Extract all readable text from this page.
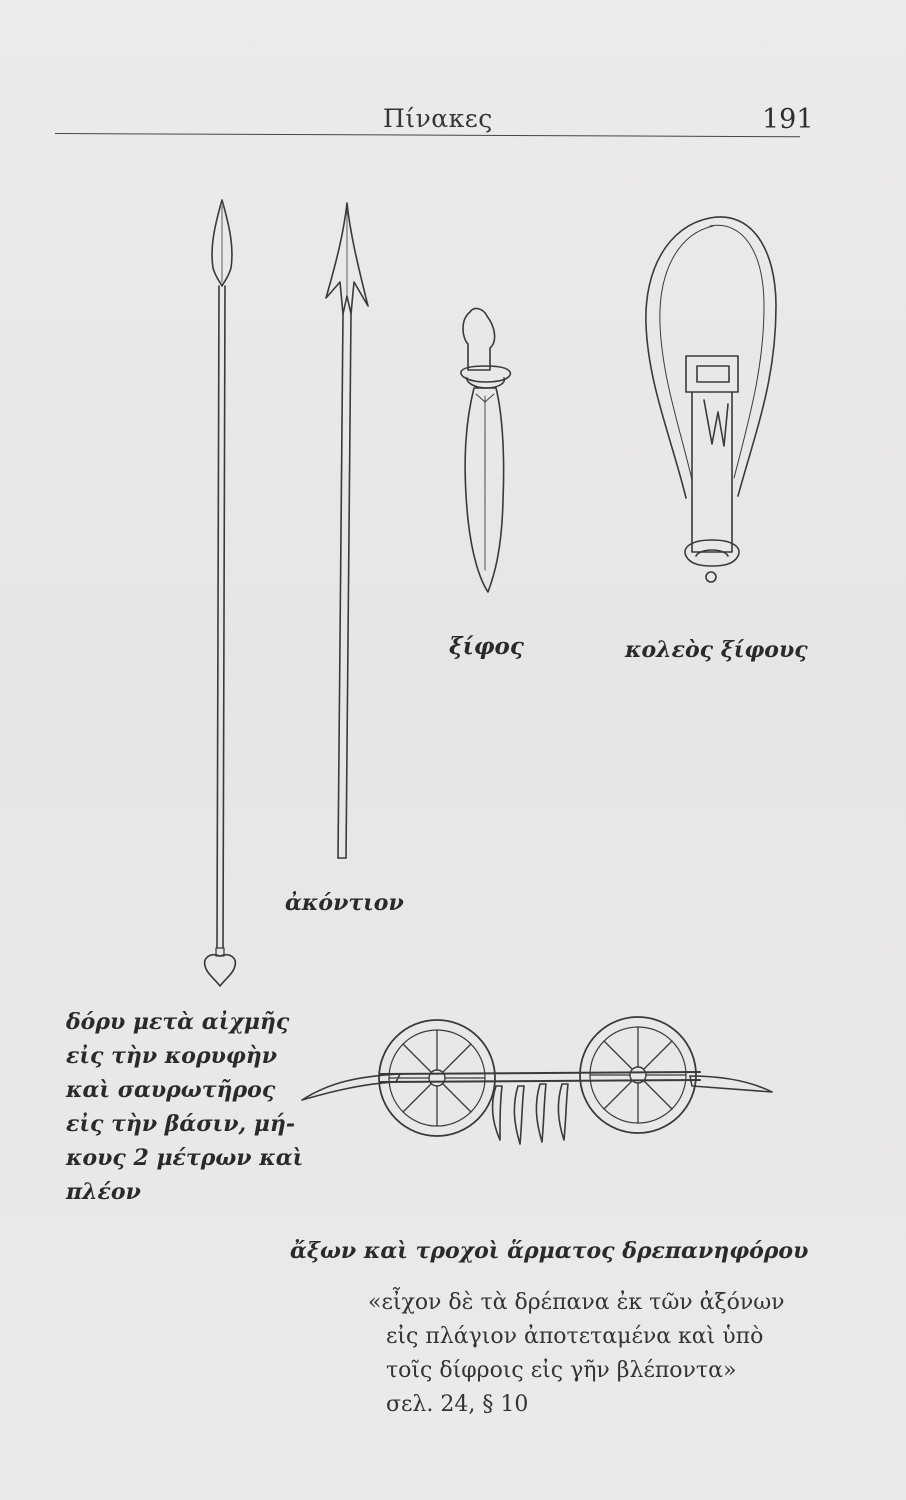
Πίνακες	191
ξίφος	κολεὸς ξίφους
ἀκόντιον
δόρυ μετὰ αἰχμῆς
εἰς τὴν κορυφὴν
καὶ σαυρωτῆρος
εἰς τὴν βάσιν, μή-
κους 2 μέτρων καὶ
πλέον
ἄξων καὶ τροχοὶ ἅρματος δρεπανηφόρου
«εἶχον δὲ τὰ δρέπανα ἐκ τῶν ἀξόνων
εἰς πλάγιον ἀποτεταμένα καὶ ὑπὸ
τοῖς δίφροις εἰς γῆν βλέποντα»
σελ. 24, § 10
